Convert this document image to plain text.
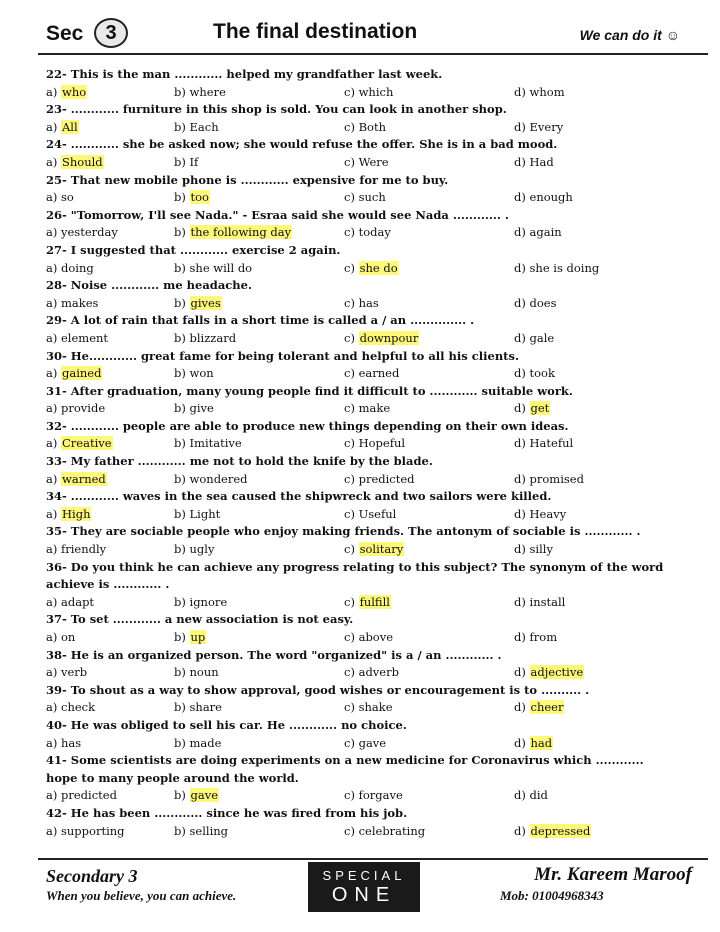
Sec	3	The final destination	We can do it ☺
22- This is the man ............ helped my grandfather last week.
a) who	b) where	c) which	d) whom
23- ............ furniture in this shop is sold. You can look in another shop.
a) All	b) Each	c) Both	d) Every
24- ............ she be asked now; she would refuse the offer. She is in a bad mood.
a) Should	b) If	c) Were	d) Had
25- That new mobile phone is ............ expensive for me to buy.
a) so	b) too	c) such	d) enough
26- "Tomorrow, I'll see Nada." - Esraa said she would see Nada ............ .
a) yesterday	b) the following day	c) today	d) again
27- I suggested that ............ exercise 2 again.
a) doing	b) she will do	c) she do	d) she is doing
28- Noise ............ me headache.
a) makes	b) gives	c) has	d) does
29- A lot of rain that falls in a short time is called a / an .............. .
a) element	b) blizzard	c) downpour	d) gale
30- He............ great fame for being tolerant and helpful to all his clients.
a) gained	b) won	c) earned	d) took
31- After graduation, many young people find it difficult to ............ suitable work.
a) provide	b) give	c) make	d) get
32- ............ people are able to produce new things depending on their own ideas.
a) Creative	b) Imitative	c) Hopeful	d) Hateful
33- My father ............ me not to hold the knife by the blade.
a) warned	b) wondered	c) predicted	d) promised
34- ............ waves in the sea caused the shipwreck and two sailors were killed.
a) High	b) Light	c) Useful	d) Heavy
35- They are sociable people who enjoy making friends. The antonym of sociable is ............ .
a) friendly	b) ugly	c) solitary	d) silly
36- Do you think he can achieve any progress relating to this subject? The synonym of the word achieve is ............ .
a) adapt	b) ignore	c) fulfill	d) install
37- To set ............ a new association is not easy.
a) on	b) up	c) above	d) from
38- He is an organized person. The word "organized" is a / an ............ .
a) verb	b) noun	c) adverb	d) adjective
39- To shout as a way to show approval, good wishes or encouragement is to .......... .
a) check	b) share	c) shake	d) cheer
40- He was obliged to sell his car. He ............ no choice.
a) has	b) made	c) gave	d) had
41- Some scientists are doing experiments on a new medicine for Coronavirus which ............ hope to many people around the world.
a) predicted	b) gave	c) forgave	d) did
42- He has been ............ since he was fired from his job.
a) supporting	b) selling	c) celebrating	d) depressed
Secondary 3
When you believe, you can achieve.
SPECIAL
ONE
Mr. Kareem Maroof
Mob: 01004968343
